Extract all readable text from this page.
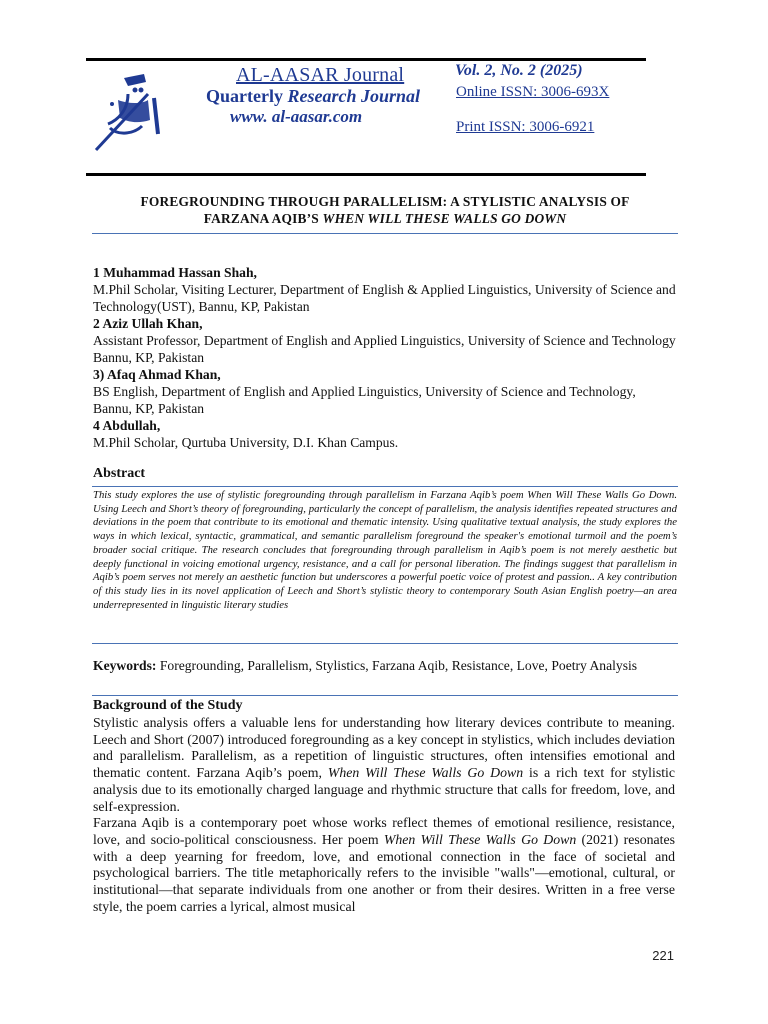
أثار	AL-AASAR Journal
Quarterly Research Journal
www. al-aasar.com
Vol. 2, No. 2 (2025)
Online ISSN: 3006-693X
Print ISSN: 3006-6921
FOREGROUNDING THROUGH PARALLELISM: A STYLISTIC ANALYSIS OF
FARZANA AQIB’S WHEN WILL THESE WALLS GO DOWN
1 Muhammad Hassan Shah,
M.Phil Scholar, Visiting Lecturer, Department of English & Applied Linguistics, University of Science and Technology(UST), Bannu, KP, Pakistan
2 Aziz Ullah Khan,
Assistant Professor, Department of English and Applied Linguistics, University of Science and Technology Bannu, KP, Pakistan
3) Afaq Ahmad Khan,
BS English, Department of English and Applied Linguistics, University of Science and Technology, Bannu, KP, Pakistan
4 Abdullah,
M.Phil Scholar, Qurtuba University, D.I. Khan Campus.
Abstract
This study explores the use of stylistic foregrounding through parallelism in Farzana Aqib’s poem When Will These Walls Go Down. Using Leech and Short’s theory of foregrounding, particularly the concept of parallelism, the analysis identifies repeated structures and deviations in the poem that contribute to its emotional and thematic intensity. Using qualitative textual analysis, the study explores the ways in which lexical, syntactic, grammatical, and semantic parallelism foreground the speaker's emotional turmoil and the poem’s broader social critique. The research concludes that foregrounding through parallelism in Aqib’s poem is not merely aesthetic but deeply functional in voicing emotional urgency, resistance, and a call for personal liberation. The findings suggest that parallelism in Aqib’s poem serves not merely an aesthetic function but underscores a powerful poetic voice of protest and passion.. A key contribution of this study lies in its novel application of Leech and Short’s stylistic theory to contemporary South Asian English poetry—an area underrepresented in linguistic literary studies
Keywords: Foregrounding, Parallelism, Stylistics, Farzana Aqib, Resistance, Love, Poetry Analysis
Background of the Study

Stylistic analysis offers a valuable lens for understanding how literary devices contribute to meaning. Leech and Short (2007) introduced foregrounding as a key concept in stylistics, which includes deviation and parallelism. Parallelism, as a repetition of linguistic structures, often intensifies emotional and thematic content. Farzana Aqib’s poem, When Will These Walls Go Down is a rich text for stylistic analysis due to its emotionally charged language and rhythmic structure that calls for freedom, love, and self-expression.

Farzana Aqib is a contemporary poet whose works reflect themes of emotional resilience, resistance, love, and socio-political consciousness. Her poem When Will These Walls Go Down (2021) resonates with a deep yearning for freedom, love, and emotional connection in the face of societal and psychological barriers. The title metaphorically refers to the invisible "walls"—emotional, cultural, or institutional—that separate individuals from one another or from their desires. Written in a free verse style, the poem carries a lyrical, almost musical

221
